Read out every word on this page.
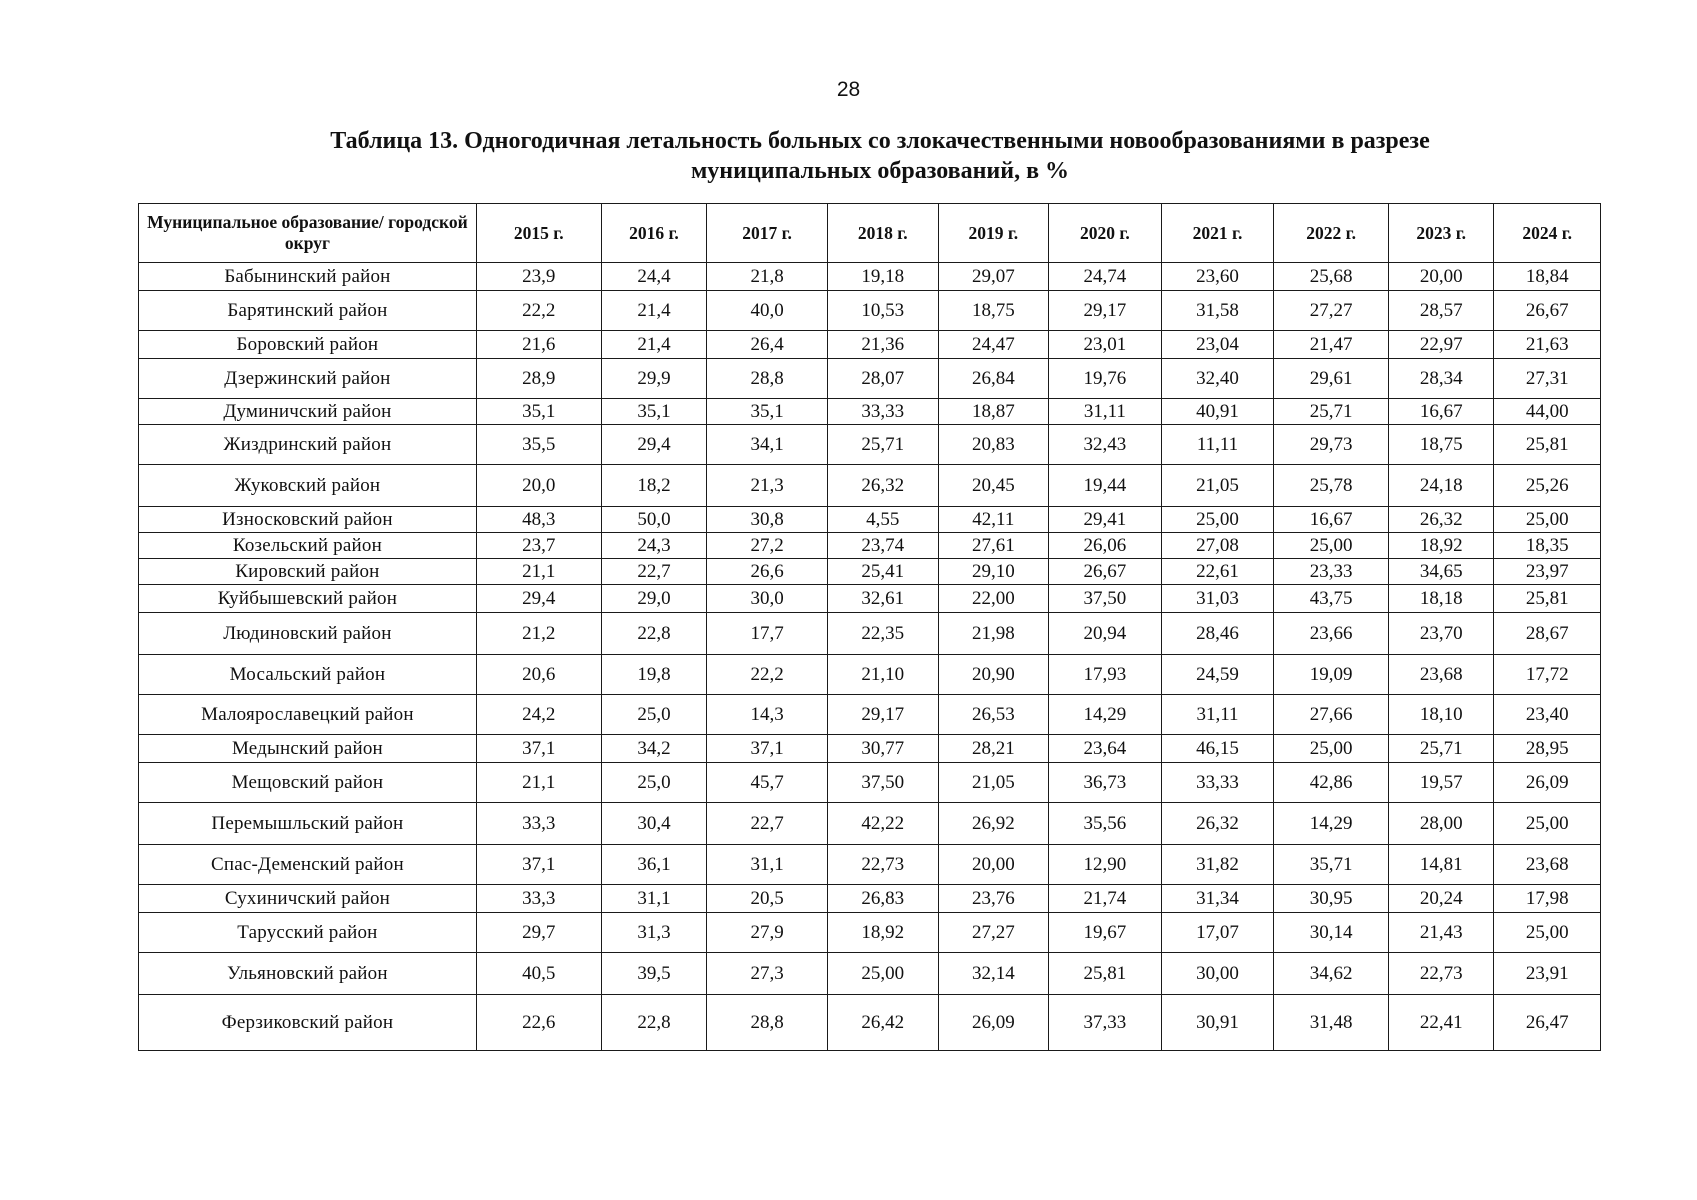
28
Таблица 13. Одногодичная летальность больных со злокачественными новообразованиями в разрезе
муниципальных образований, в %
Муниципальное образование/ городской округ	2015 г.	2016 г.	2017 г.	2018 г.	2019 г.	2020 г.	2021 г.	2022 г.	2023 г.	2024 г.
Бабынинский район	23,9	24,4	21,8	19,18	29,07	24,74	23,60	25,68	20,00	18,84
Барятинский район	22,2	21,4	40,0	10,53	18,75	29,17	31,58	27,27	28,57	26,67
Боровский район	21,6	21,4	26,4	21,36	24,47	23,01	23,04	21,47	22,97	21,63
Дзержинский район	28,9	29,9	28,8	28,07	26,84	19,76	32,40	29,61	28,34	27,31
Думиничский район	35,1	35,1	35,1	33,33	18,87	31,11	40,91	25,71	16,67	44,00
Жиздринский район	35,5	29,4	34,1	25,71	20,83	32,43	11,11	29,73	18,75	25,81
Жуковский район	20,0	18,2	21,3	26,32	20,45	19,44	21,05	25,78	24,18	25,26
Износковский район	48,3	50,0	30,8	4,55	42,11	29,41	25,00	16,67	26,32	25,00
Козельский район	23,7	24,3	27,2	23,74	27,61	26,06	27,08	25,00	18,92	18,35
Кировский район	21,1	22,7	26,6	25,41	29,10	26,67	22,61	23,33	34,65	23,97
Куйбышевский район	29,4	29,0	30,0	32,61	22,00	37,50	31,03	43,75	18,18	25,81
Людиновский район	21,2	22,8	17,7	22,35	21,98	20,94	28,46	23,66	23,70	28,67
Мосальский район	20,6	19,8	22,2	21,10	20,90	17,93	24,59	19,09	23,68	17,72
Малоярославецкий район	24,2	25,0	14,3	29,17	26,53	14,29	31,11	27,66	18,10	23,40
Медынский район	37,1	34,2	37,1	30,77	28,21	23,64	46,15	25,00	25,71	28,95
Мещовский район	21,1	25,0	45,7	37,50	21,05	36,73	33,33	42,86	19,57	26,09
Перемышльский район	33,3	30,4	22,7	42,22	26,92	35,56	26,32	14,29	28,00	25,00
Спас-Деменский район	37,1	36,1	31,1	22,73	20,00	12,90	31,82	35,71	14,81	23,68
Сухиничский район	33,3	31,1	20,5	26,83	23,76	21,74	31,34	30,95	20,24	17,98
Тарусский район	29,7	31,3	27,9	18,92	27,27	19,67	17,07	30,14	21,43	25,00
Ульяновский район	40,5	39,5	27,3	25,00	32,14	25,81	30,00	34,62	22,73	23,91
Ферзиковский район	22,6	22,8	28,8	26,42	26,09	37,33	30,91	31,48	22,41	26,47
